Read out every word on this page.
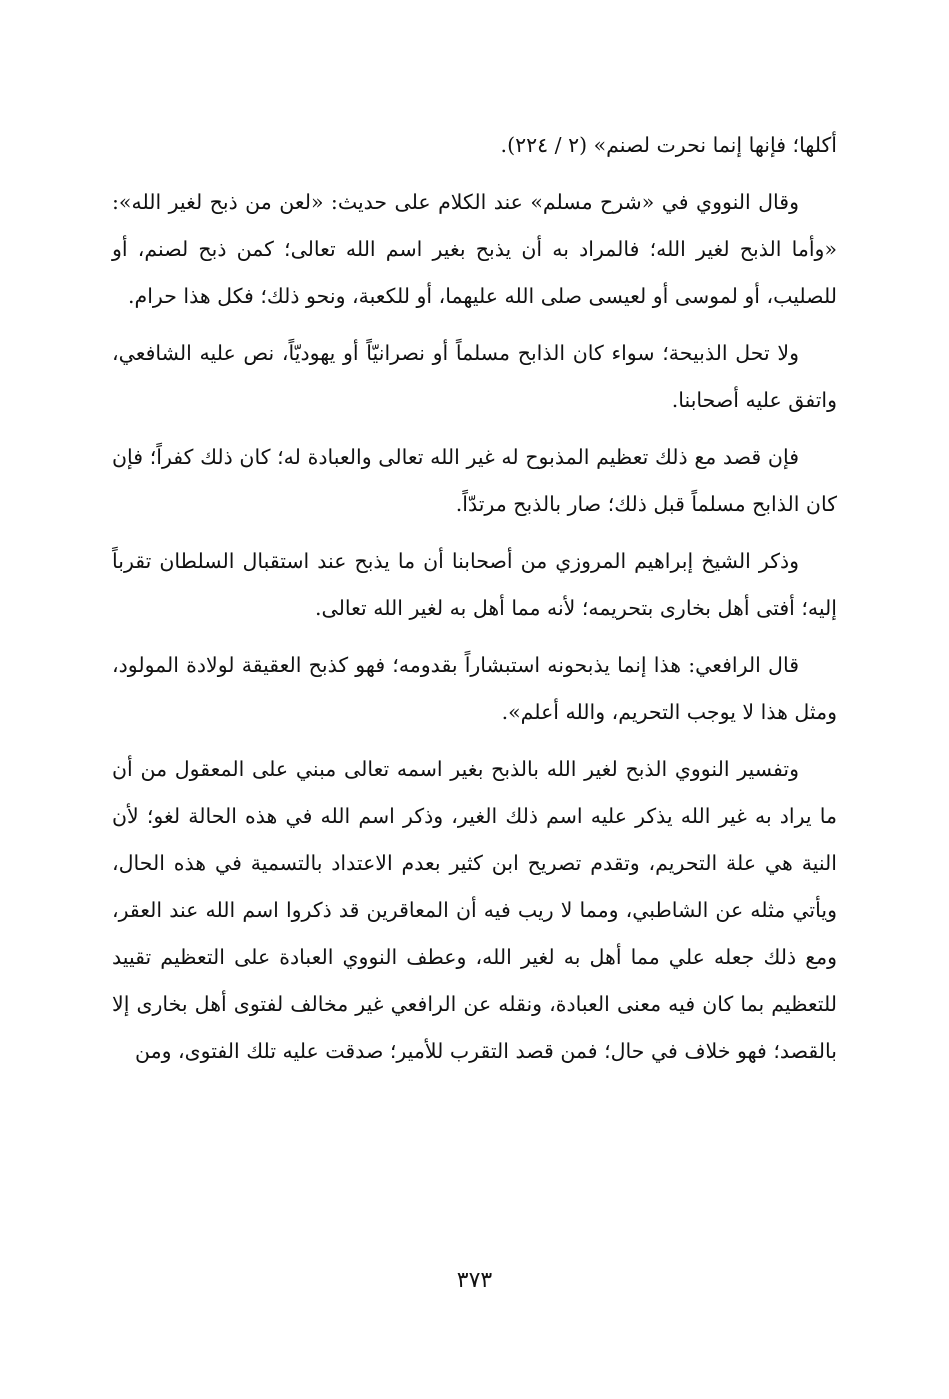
أكلها؛ فإنها إنما نحرت لصنم» (٢ / ٢٢٤).

وقال النووي في «شرح مسلم» عند الكلام على حديث: «لعن من ذبح لغير الله»: «وأما الذبح لغير الله؛ فالمراد به أن يذبح بغير اسم الله تعالى؛ كمن ذبح لصنم، أو للصليب، أو لموسى أو لعيسى صلى الله عليهما، أو للكعبة، ونحو ذلك؛ فكل هذا حرام.

ولا تحل الذبيحة؛ سواء كان الذابح مسلماً أو نصرانيّاً أو يهوديّاً، نص عليه الشافعي، واتفق عليه أصحابنا.

فإن قصد مع ذلك تعظيم المذبوح له غير الله تعالى والعبادة له؛ كان ذلك كفراً؛ فإن كان الذابح مسلماً قبل ذلك؛ صار بالذبح مرتدّاً.

وذكر الشيخ إبراهيم المروزي من أصحابنا أن ما يذبح عند استقبال السلطان تقرباً إليه؛ أفتى أهل بخارى بتحريمه؛ لأنه مما أهل به لغير الله تعالى.

قال الرافعي: هذا إنما يذبحونه استبشاراً بقدومه؛ فهو كذبح العقيقة لولادة المولود، ومثل هذا لا يوجب التحريم، والله أعلم».

وتفسير النووي الذبح لغير الله بالذبح بغير اسمه تعالى مبني على المعقول من أن ما يراد به غير الله يذكر عليه اسم ذلك الغير، وذكر اسم الله في هذه الحالة لغو؛ لأن النية هي علة التحريم، وتقدم تصريح ابن كثير بعدم الاعتداد بالتسمية في هذه الحال، ويأتي مثله عن الشاطبي، ومما لا ريب فيه أن المعاقرين قد ذكروا اسم الله عند العقر، ومع ذلك جعله علي مما أهل به لغير الله، وعطف النووي العبادة على التعظيم تقييد للتعظيم بما كان فيه معنى العبادة، ونقله عن الرافعي غير مخالف لفتوى أهل بخارى إلا بالقصد؛ فهو خلاف في حال؛ فمن قصد التقرب للأمير؛ صدقت عليه تلك الفتوى، ومن

٣٧٣
